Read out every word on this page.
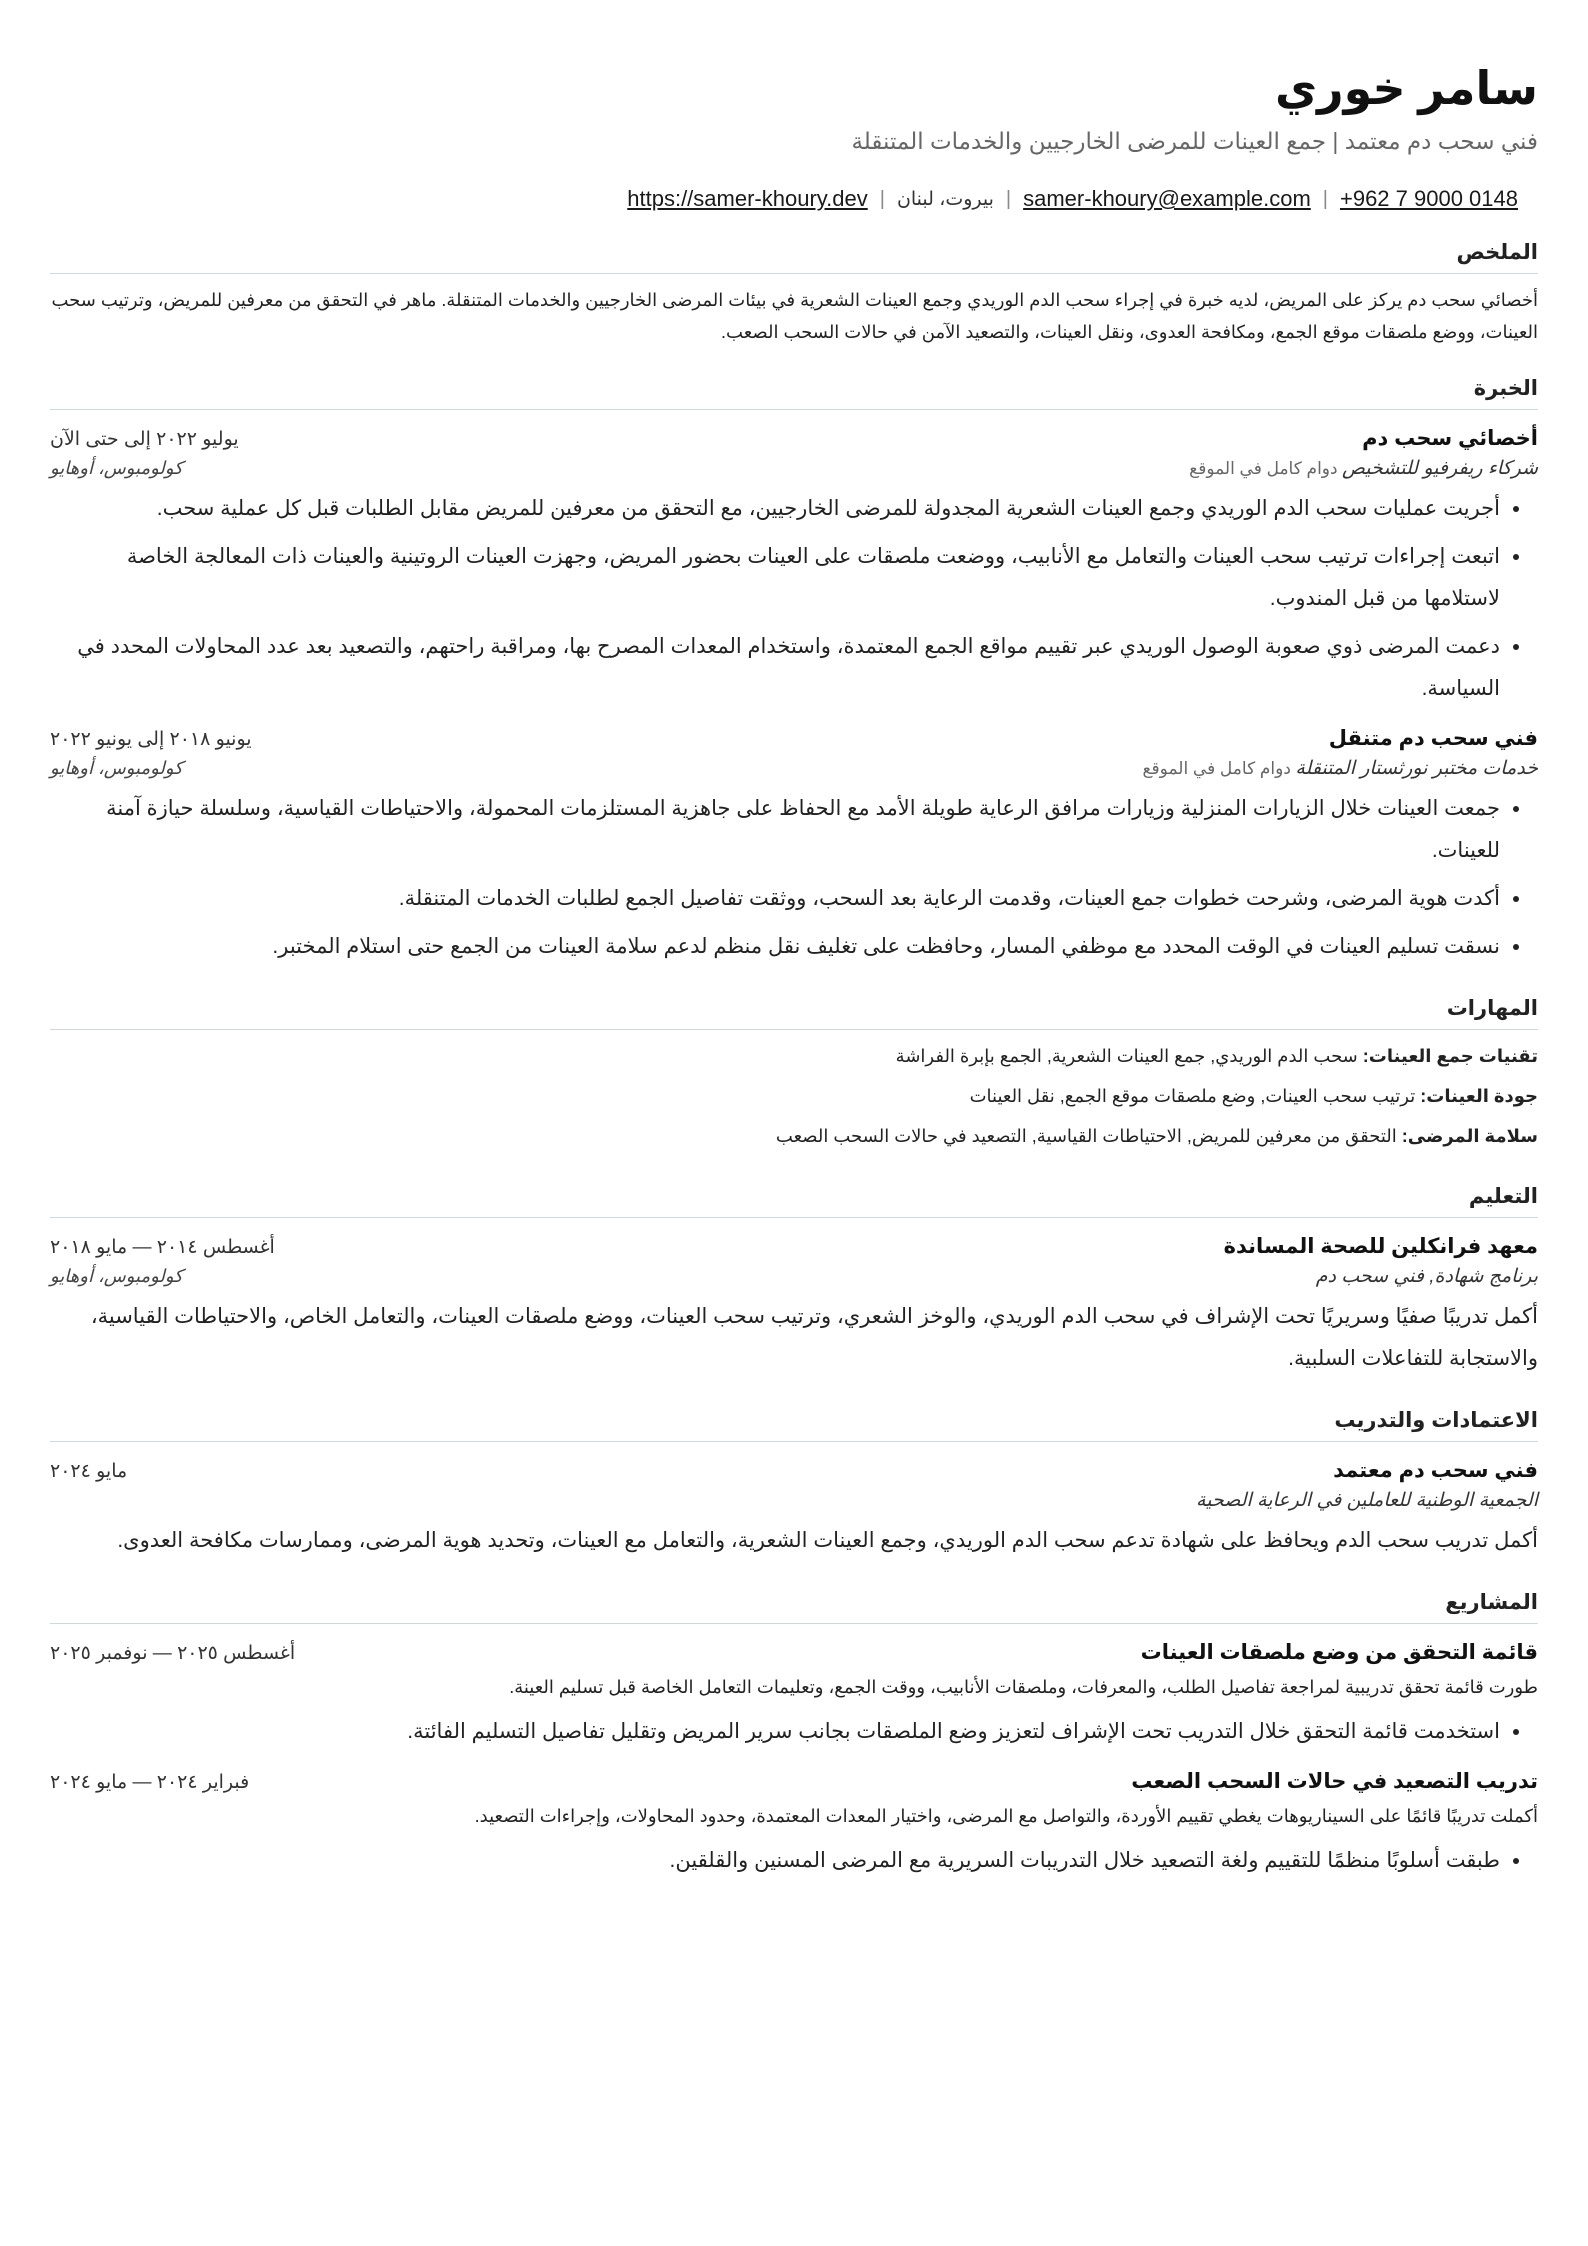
سامر خوري
فني سحب دم معتمد | جمع العينات للمرضى الخارجيين والخدمات المتنقلة
+962 7 9000 0148
|
samer-khoury@example.com
|
بيروت، لبنان
|
https://samer-khoury.dev
الملخص
أخصائي سحب دم يركز على المريض، لديه خبرة في إجراء سحب الدم الوريدي وجمع العينات الشعرية في بيئات المرضى الخارجيين والخدمات المتنقلة. ماهر في التحقق من معرفين للمريض، وترتيب سحب العينات، ووضع ملصقات موقع الجمع، ومكافحة العدوى، ونقل العينات، والتصعيد الآمن في حالات السحب الصعب.
الخبرة
أخصائي سحب دم
يوليو ٢٠٢٢ إلى حتى الآن
شركاء ريفرفيو للتشخيص دوام كامل في الموقع
كولومبوس، أوهايو
• أجريت عمليات سحب الدم الوريدي وجمع العينات الشعرية المجدولة للمرضى الخارجيين، مع التحقق من معرفين للمريض مقابل الطلبات قبل كل عملية سحب.
• اتبعت إجراءات ترتيب سحب العينات والتعامل مع الأنابيب، ووضعت ملصقات على العينات بحضور المريض، وجهزت العينات الروتينية والعينات ذات المعالجة الخاصة لاستلامها من قبل المندوب.
• دعمت المرضى ذوي صعوبة الوصول الوريدي عبر تقييم مواقع الجمع المعتمدة، واستخدام المعدات المصرح بها، ومراقبة راحتهم، والتصعيد بعد عدد المحاولات المحدد في السياسة.
فني سحب دم متنقل
يونيو ٢٠١٨ إلى يونيو ٢٠٢٢
خدمات مختبر نورثستار المتنقلة دوام كامل في الموقع
كولومبوس، أوهايو
• جمعت العينات خلال الزيارات المنزلية وزيارات مرافق الرعاية طويلة الأمد مع الحفاظ على جاهزية المستلزمات المحمولة، والاحتياطات القياسية، وسلسلة حيازة آمنة للعينات.
• أكدت هوية المرضى، وشرحت خطوات جمع العينات، وقدمت الرعاية بعد السحب، ووثقت تفاصيل الجمع لطلبات الخدمات المتنقلة.
• نسقت تسليم العينات في الوقت المحدد مع موظفي المسار، وحافظت على تغليف نقل منظم لدعم سلامة العينات من الجمع حتى استلام المختبر.
المهارات
تقنيات جمع العينات: سحب الدم الوريدي, جمع العينات الشعرية, الجمع بإبرة الفراشة
جودة العينات: ترتيب سحب العينات, وضع ملصقات موقع الجمع, نقل العينات
سلامة المرضى: التحقق من معرفين للمريض, الاحتياطات القياسية, التصعيد في حالات السحب الصعب
التعليم
معهد فرانكلين للصحة المساندة
أغسطس ٢٠١٤ — مايو ٢٠١٨
برنامج شهادة, فني سحب دم
كولومبوس، أوهايو
أكمل تدريبًا صفيًا وسريريًا تحت الإشراف في سحب الدم الوريدي، والوخز الشعري، وترتيب سحب العينات، ووضع ملصقات العينات، والتعامل الخاص، والاحتياطات القياسية، والاستجابة للتفاعلات السلبية.
الاعتمادات والتدريب
فني سحب دم معتمد
مايو ٢٠٢٤
الجمعية الوطنية للعاملين في الرعاية الصحية
أكمل تدريب سحب الدم ويحافظ على شهادة تدعم سحب الدم الوريدي، وجمع العينات الشعرية، والتعامل مع العينات، وتحديد هوية المرضى، وممارسات مكافحة العدوى.
المشاريع
قائمة التحقق من وضع ملصقات العينات
أغسطس ٢٠٢٥ — نوفمبر ٢٠٢٥
طورت قائمة تحقق تدريبية لمراجعة تفاصيل الطلب، والمعرفات، وملصقات الأنابيب، ووقت الجمع، وتعليمات التعامل الخاصة قبل تسليم العينة.
• استخدمت قائمة التحقق خلال التدريب تحت الإشراف لتعزيز وضع الملصقات بجانب سرير المريض وتقليل تفاصيل التسليم الفائتة.
تدريب التصعيد في حالات السحب الصعب
فبراير ٢٠٢٤ — مايو ٢٠٢٤
أكملت تدريبًا قائمًا على السيناريوهات يغطي تقييم الأوردة، والتواصل مع المرضى، واختيار المعدات المعتمدة، وحدود المحاولات، وإجراءات التصعيد.
• طبقت أسلوبًا منظمًا للتقييم ولغة التصعيد خلال التدريبات السريرية مع المرضى المسنين والقلقين.
